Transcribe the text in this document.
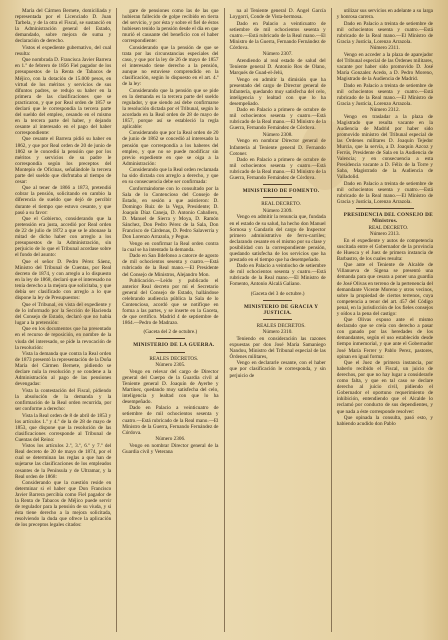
María del Cármen Bernete, domiciliada y representada por el Licenciado D. Juan Tarbela, y de la otra el Fiscal, se sustanció en la Administración general del Estado, demandado, sobre mejora de suma y declaración de derecho.

Vistos el expediente gubernativo, del cual resulta:

Que nombrada D. Francisca Javier Barrera en 1.º de febrero de 1856 Fiel pagador de los presupuestos de la Renta de Tabacos de Méjico, con la dotación de 15.000 pesos, en virtud de los méritos y servicios de sus difuntos padres, se redujo su haber en la primera de las clasificaciones que se practicaron, y que por Real orden de 1857 se declaró que le correspondía la tercera parte del sueldo del empleo, cesando en el mismo en la tercera parte del haber, y dejando cesante al interesado en el pago del haber correspondiente:

Que cesante el Barrera pidió su haber en 1862, y que por Real orden de 20 de junio de 1862 se le concedió la pensión que por los méritos y servicios de su padre le correspondía según los preceptos del Montepío de Oficinas, señalándole la tercera parte del sueldo que disfrutaba al tiempo de cesar:

Que al tener de 1866 a 1873, pretendió cobrar la pensión, solicitando en cambio la diferencia de sueldo que dejó de percibir durante el tiempo que estuvo cesante, y que pasó a su favor:

Que el Gobierno, considerando que la pretensión era justa, accedió por Real orden de 22 de julio de 1872 a que se le abonase la mitad de dicho haber con arreglo a los presupuestos de la Administración, sin perjuicio de lo que el Tribunal acordase sobre el fondo del asunto:

Que el señor D. Pedro Pérez Sáenz, Ministro del Tribunal de Cuentas, por Real decreto de 1874, y con arreglo a lo dispuesto en la ley de 1868, declaró que el interesado no tenía derecho a la mejora que solicitaba, y que debía ser clasificado con arreglo a lo que dispone la ley de Presupuestos:

Que el Tribunal, en vista del expediente y de lo informado por la Sección de Hacienda del Consejo de Estado, declaró que no había lugar a la pretensión:

Que en los documentos que ha presentado en el recurso de reposición, en nombre de la viuda del interesado, se pide la revocación de la resolución:

Vista la demanda que contra la Real orden de 1873 presentó la representación de la Doña María del Cármen Bernete, pidiendo se declare nula la resolución y se condene a la Administración al pago de las pensiones devengadas:

Vista la contestación del Fiscal, pidiendo la absolución de la demanda y la confirmación de la Real orden recurrida, por ser conforme a derecho:

Vista la Real orden de 8 de abril de 1853 y los artículos 1.º y 4.º de la de 28 de mayo de 1853, que dispone que la resolución de las clasificaciones corresponde al Tribunal de Cuentas del Reino:

Vistos los artículos 2.º, 3.º, 6.º y 7.º del Real decreto de 20 de mayo de 1874, por el cual se determinan las reglas a que han de sujetarse las clasificaciones de los empleados cesantes de la Península y de Ultramar, y la Real orden de 1868:

Considerando que la cuestión reside en determinar si el haber que Don Francisco Javier Barrera percibía como Fiel pagador de la Renta de Tabacos de Méjico puede servir de regulador para la pensión de su viuda, y si ésta tiene derecho a la mejora solicitada, resolviendo la duda que ofrece la aplicación de los preceptos legales citados:

gare de pensiones como las de las que hubieran fallecido de golpe recibido en tierra del servicio, y por ésta y sobre el fiel de éstos hubiesen tenido la pensión desde el día en que murió el causante del beneficio con el haber correspondiente:

Considerando que la pensión de que se trata por las circunstancias especiales del caso, y que por la ley de 26 de mayo de 1857 el interesado tiene derecho a la pensión, aunque no estuviese comprendido en la clasificación, según lo dispuesto en el art. 4.º de la ley:

Considerando que la pensión que se pide en la demanda es la tercera parte del sueldo regulador, y que siendo así debe confirmarse la resolución dictada por el Tribunal, según lo acordado en la Real orden de 28 de mayo de 1857, porque así se estableció la regla aplicable:

Considerando que por la Real orden de 20 de junio de 1862 se concedió al interesado la pensión que correspondía a los haberes del empleo, y que no se puede modificar sin previo expediente en que se oiga a la Administración:

Considerando que la Real orden reclamada ha sido dictada con arreglo a derecho, y que en su consecuencia debe ser confirmada:

Conformándome con lo consultado por la Sala de lo Contencioso del Consejo de Estado, en sesión a que asistieron: D. Domingo Ruiz de la Vega, Presidente; D. Joaquín Díaz Caneja, D. Antonio Caballero, D. Manuel de Sierra y Moya, D. Ramón Sánchez, Don Pedro Pérez de la Sala, Don Francisco de Cárdenas, D. Pedro Salaverría y Don Lorenzo Arrazola, y Pegue.

Vengo en confirmar la Real orden contra la cual se ha intentado la demanda.

Dado en San Ildefonso a catorce de agosto de mil ochocientos sesenta y cuatro.—Está rubricado de la Real mano.—El Presidente del Consejo de Ministros, Alejandro Mon.

Publicación.—Leído y publicado el anterior Real decreto por mí el Secretario general del Consejo de Estado, hallándose celebrando audiencia pública la Sala de lo Contencioso, acordó que se notifique en forma a las partes, y se inserte en la Gaceta, de que certifico. Madrid 4 de septiembre de 1864.—Pedro de Madrazo.

(Gaceta del 2 de octubre.)

MINISTERIO DE LA GUERRA.

REALES DECRETOS.

Número 2305.

Vengo en relevar del cargo de Director general del Cuerpo de la Guardia civil al Teniente general D. Joaquín de Ayerbe y Martínez, quedando muy satisfecha del celo, inteligencia y lealtad con que lo ha desempeñado.

Dado en Palacio a veinticuatro de setiembre de mil ochocientos sesenta y cuatro.—Está rubricado de la Real mano.—El Ministro de la Guerra, Fernando Fernández de Córdova.

Número 2306.

Vengo en nombrar Director general de la Guardia civil y Veterana

na al Teniente general D. Ángel García Loygorri, Conde de Vista-hermosa.

Dado en Palacio a veinticuatro de setiembre de mil ochocientos sesenta y cuatro.—Está rubricado de la Real mano.—El Ministro de la Guerra, Fernando Fernández de Córdova.

Número 2307.

Atendiendo al real estado de salud del Teniente general D. Antonio Ros de Olano, Marqués de Guad-el-Jelú,

Vengo en admitir la dimisión que ha presentado del cargo de Director general de Infantería, quedando muy satisfecha del celo, inteligencia y lealtad con que lo ha desempeñado.

Dado en Palacio a primero de octubre de mil ochocientos sesenta y cuatro.—Está rubricado de la Real mano.—El Ministro de la Guerra, Fernando Fernández de Córdova.

Número 2308.

Vengo en nombrar Director general de Infantería al Teniente general D. Fernando Cotoner.

Dado en Palacio a primero de octubre de mil ochocientos sesenta y cuatro.—Está rubricado de la Real mano.—El Ministro de la Guerra, Fernando Fernández de Córdova.

MINISTERIO DE FOMENTO.

REAL DECRETO.

Número 2309.

Vengo en admitir la renuncia que, fundada en el estado de su salud, ha hecho don Manuel Sornosa y Gandarín del cargo de Inspector primero administrativo de ferro-carriles; declarando cesante en el mismo por su clase y posibilidad con la correspondiente pensión, quedando satisfecha de los servicios que ha prestado en el tiempo que ha desempeñado.

Dado en Palacio a veintiocho de setiembre de mil ochocientos sesenta y cuatro.—Está rubricado de la Real mano.—El Ministro de Fomento, Antonio Alcalá Galiano.

(Gaceta del 3 de octubre.)

MINISTERIO DE GRACIA Y JUSTICIA.

REALES DECRETOS.

Número 2310.

Teniendo en consideración las razones expuestas por don José María Samaniego Nandou, Ministro del Tribunal especial de las Órdenes militares,

Vengo en declararle cesante, con el haber que por clasificación le corresponda, y sin perjuicio de

utilizar sus servicios en adelante a su larga y honrosa carrera.

Dado en Palacio a treinta de setiembre de mil ochocientos sesenta y cuatro.—Está rubricado de la Real mano.—El Ministro de Gracia y Justicia, Lorenzo Arrazola.

Número 2311.

Vengo en acceder a la plaza de aparejador del Tribunal especial de las Órdenes militares, vacante por haber sido promovido D. José María Gonzalez Acedo, a D. Pedro Moreno, Magistrado de la Audiencia de Madrid.

Dado en Palacio a treinta de setiembre de mil ochocientos sesenta y cuatro.—Está rubricado de la Real mano.—El Ministro de Gracia y Justicia, Lorenzo Arrazola.

Número 2312.

Vengo en trasladar a la plaza de Magistrado que resulta vacante en la Audiencia de Madrid por haber sido promovido ministro del Tribunal especial de las Órdenes militares D. Joaquín Tejedor Murcia, que la servía, a D. Joaquín Azcoz y Ferrús, Presidente de Sala en la Audiencia de Valencia; y en consecuencia a esta Presidencia vacante a D. Félix de la Torre y Saba, Magistrado de la Audiencia de Valladolid.

Dado en Palacio a treinta de setiembre de mil ochocientos sesenta y cuatro.—Está rubricado de la Real mano.—El Ministro de Gracia y Justicia, Lorenzo Arrazola.

PRESIDENCIA DEL CONSEJO DE Ministros.

REAL DECRETO.

Número 2313.

En el expediente y autos de competencia suscitada entre el Gobernador de la provincia de Huesca y el Juez de primera instancia de Barbastro, de los cuales resulta:

Que ante el Teniente de Alcalde de Villanueva de Sigena se presentó una demanda para que cesara a poner una guardia de José Olivas en terreno de la pertenencia del demandante Vicente Moreno y otros vecinos, sobre la propiedad de ciertos terrenos, cuya competencia a tenor del art. 457 del Código penal, en la jurisdicción de los fieles consejos y oídos a la pena del castigo:

Que Olivas expuso ante el mismo declarado que se creía con derecho a pasar con ganado por las heredades de los demandantes, según el uso establecido desde tiempo inmemorial, y que ante el Gobernador José María Ferrer y Pablo Perez, pastores, opinan en igual forma:

Que el Juez de primera instancia, por haberlo recibido el Fiscal, un juicio de derechos, por que no hay lugar a considerarle como falta, y que en tal caso se declare derecho al juicio civil, pidiendo el Gobernador el oportuno requerimiento de inhibición, entendiendo que el Alcalde lo reclamó por conducto de sus dependientes, y que nada a éste corresponde resolver:

Que opinada la consulta, pasó esto, y habiendo acudido don Pablo
